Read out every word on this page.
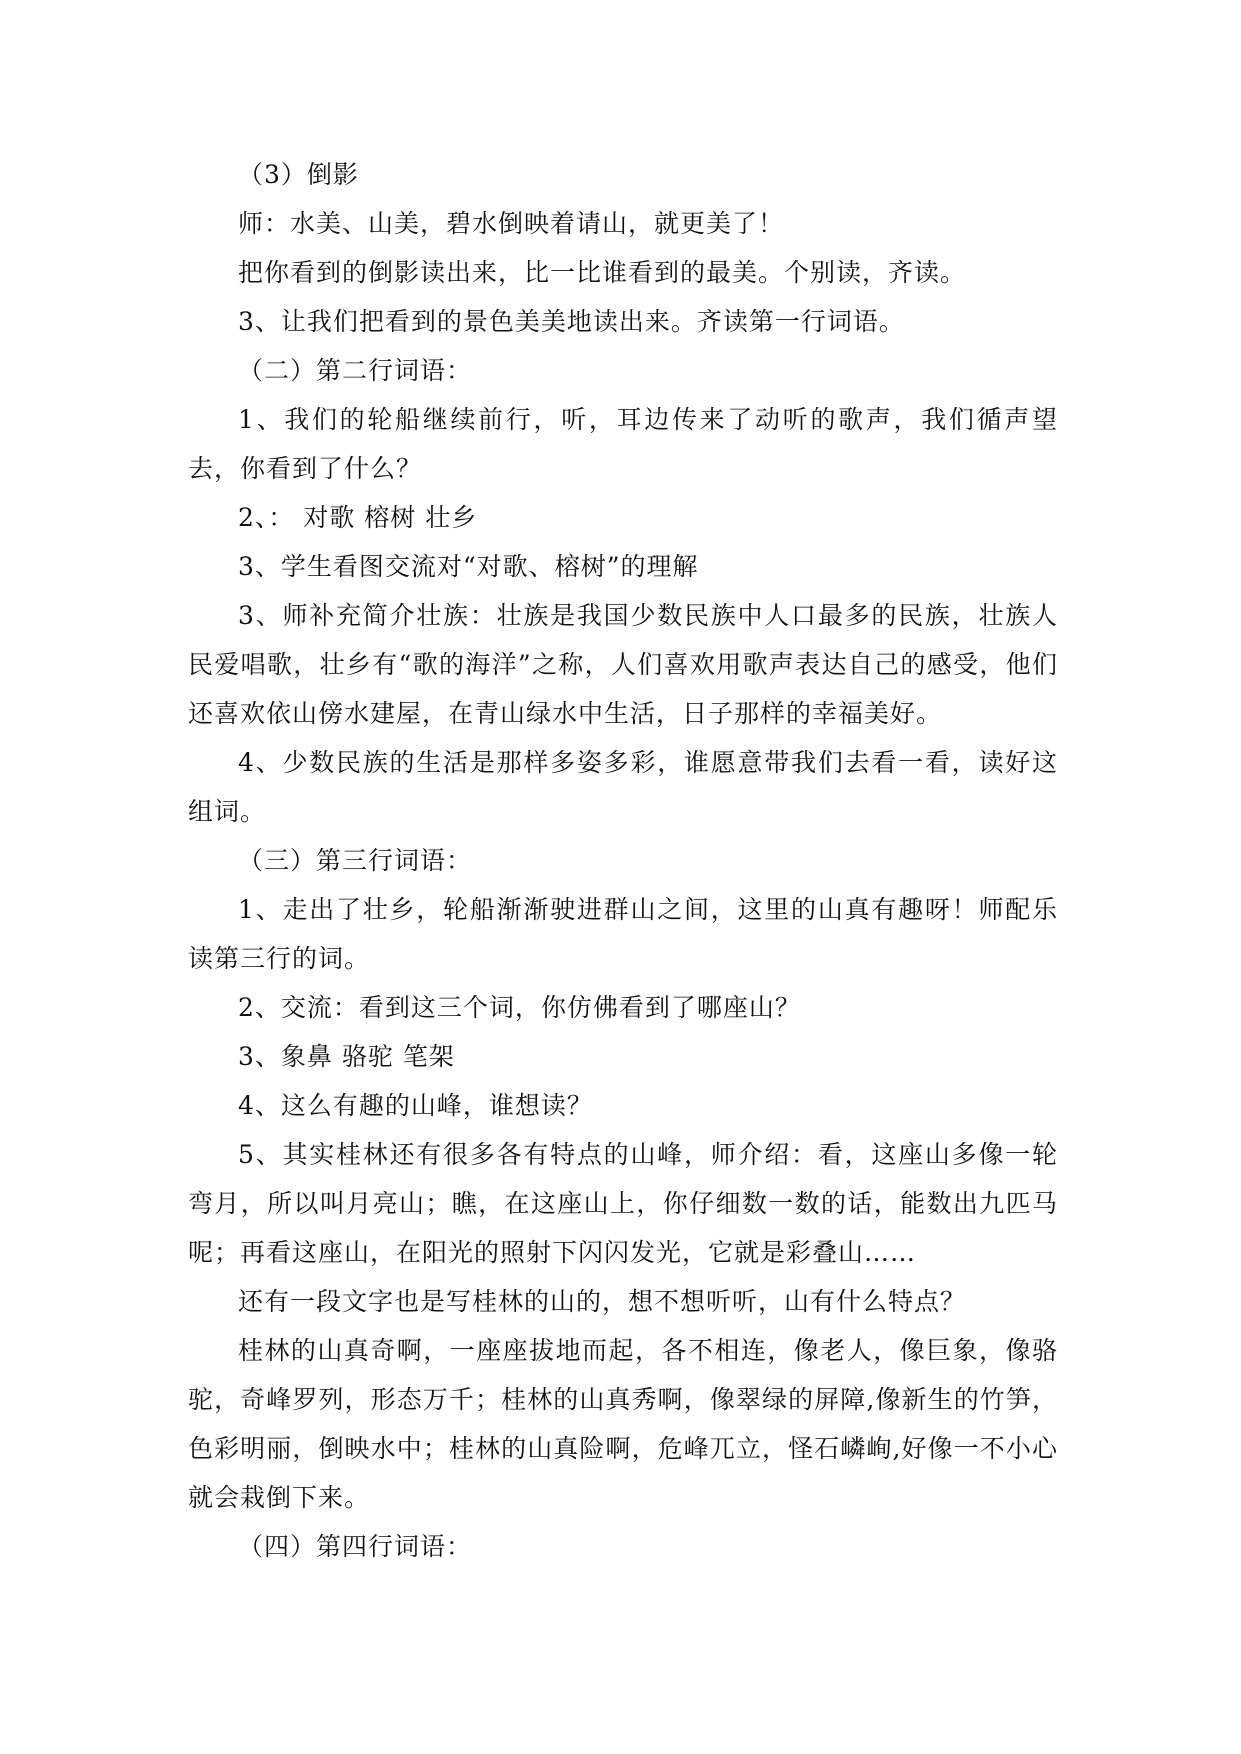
（3）倒影

师：水美、山美，碧水倒映着请山，就更美了！

把你看到的倒影读出来，比一比谁看到的最美。个别读，齐读。

3、让我们把看到的景色美美地读出来。齐读第一行词语。

（二）第二行词语：

1、我们的轮船继续前行，听，耳边传来了动听的歌声，我们循声望去，你看到了什么？

2、： 对歌 榕树 壮乡

3、学生看图交流对“对歌、榕树”的理解

3、师补充简介壮族：壮族是我国少数民族中人口最多的民族，壮族人民爱唱歌，壮乡有“歌的海洋”之称，人们喜欢用歌声表达自己的感受，他们还喜欢依山傍水建屋，在青山绿水中生活，日子那样的幸福美好。

4、少数民族的生活是那样多姿多彩，谁愿意带我们去看一看，读好这组词。

（三）第三行词语：

1、走出了壮乡，轮船渐渐驶进群山之间，这里的山真有趣呀！师配乐读第三行的词。

2、交流：看到这三个词，你仿佛看到了哪座山？

3、象鼻 骆驼 笔架

4、这么有趣的山峰，谁想读？

5、其实桂林还有很多各有特点的山峰，师介绍：看，这座山多像一轮弯月，所以叫月亮山；瞧，在这座山上，你仔细数一数的话，能数出九匹马呢；再看这座山，在阳光的照射下闪闪发光，它就是彩叠山……

还有一段文字也是写桂林的山的，想不想听听，山有什么特点？

桂林的山真奇啊，一座座拔地而起，各不相连，像老人，像巨象，像骆驼，奇峰罗列，形态万千；桂林的山真秀啊，像翠绿的屏障,像新生的竹笋，色彩明丽，倒映水中；桂林的山真险啊，危峰兀立，怪石嶙峋,好像一不小心就会栽倒下来。

（四）第四行词语：
